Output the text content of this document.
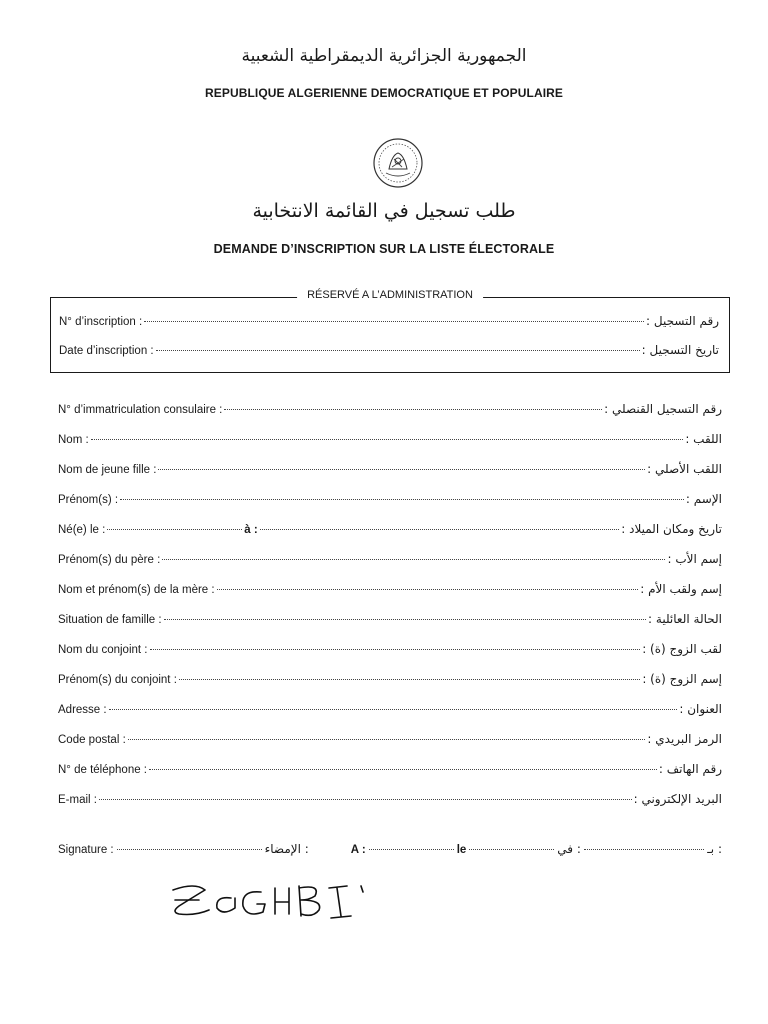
الجمهورية الجزائرية الديمقراطية الشعبية
REPUBLIQUE ALGERIENNE DEMOCRATIQUE ET POPULAIRE
طلب تسجيل في القائمة الانتخابية
DEMANDE D’INSCRIPTION SUR LA LISTE ÉLECTORALE
RÉSERVÉ A L’ADMINISTRATION
N° d’inscription :	رقم التسجيل :
Date d’inscription :	تاريخ التسجيل :
N° d’immatriculation consulaire :	رقم التسجيل القنصلي :
Nom :	اللقب :
Nom de jeune fille :	اللقب الأصلي :
Prénom(s) :	الإسم :
Né(e) le :	à :	تاريخ ومكان الميلاد :
Prénom(s) du père :	إسم الأب :
Nom et prénom(s) de la mère :	إسم ولقب الأم :
Situation de famille :	الحالة العائلية :
Nom du conjoint :	لقب الزوج (ة) :
Prénom(s) du conjoint :	إسم الزوج (ة) :
Adresse :	العنوان :
Code postal :	الرمز البريدي :
N° de téléphone :	رقم الهاتف :
E-mail :	البريد الإلكتروني :
Signature :	الإمضاء :	A :	le	في :	بـ :
